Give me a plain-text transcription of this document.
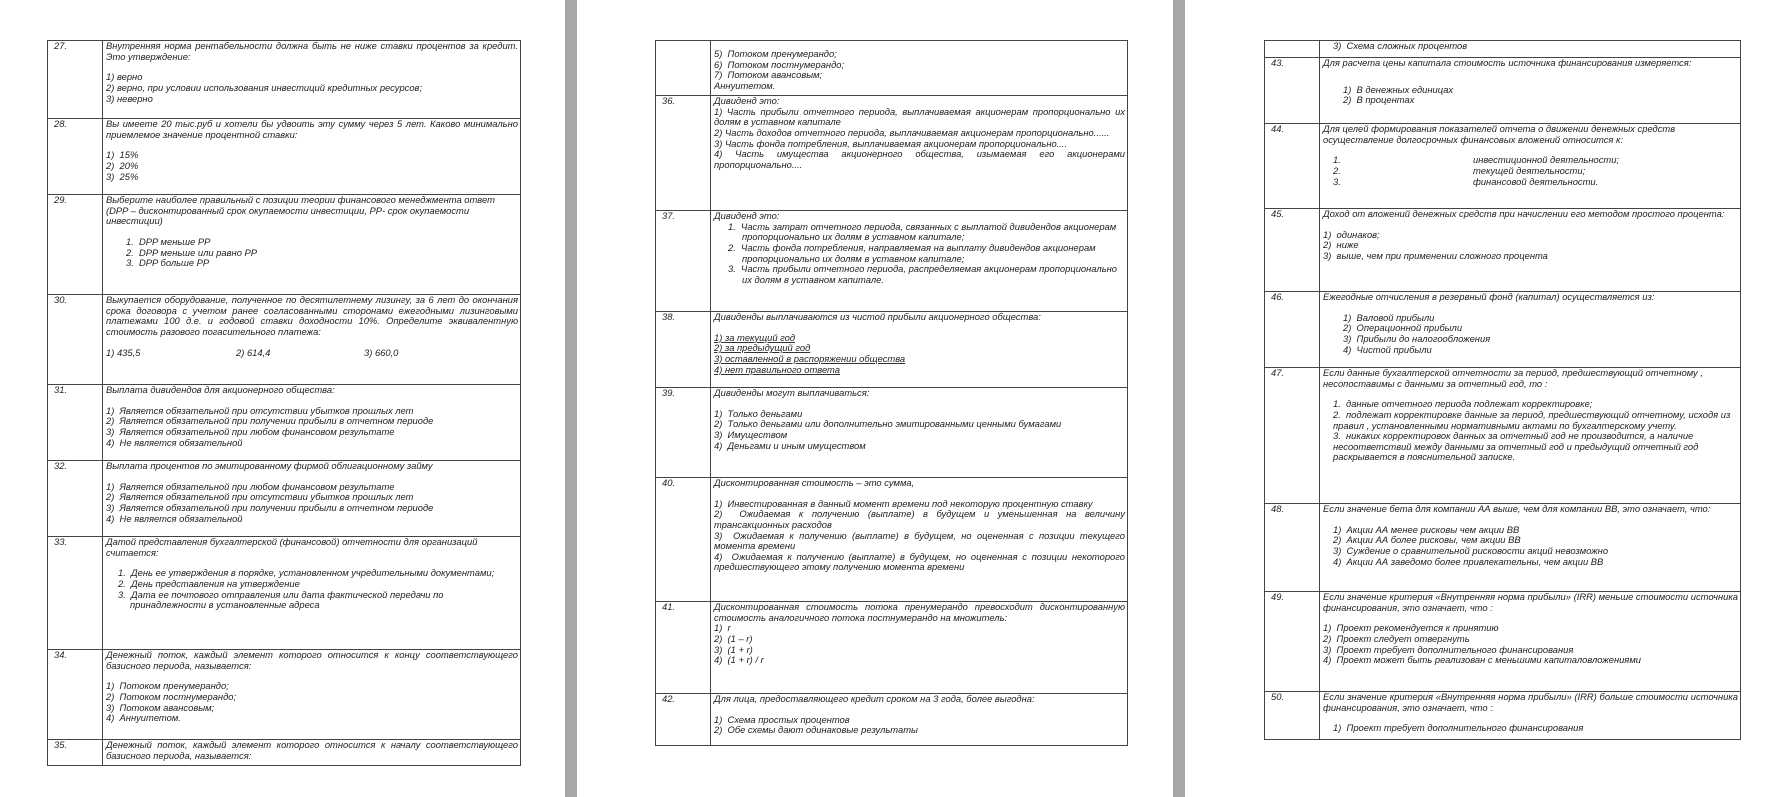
27.	Внутренняя норма рентабельности должна быть не ниже ставки процентов за кредит. Это утверждение:

1) верно

2) верно, при условии использования инвестиций кредитных ресурсов;

3) неверно

28.	Вы имеете 20 тыс.руб и хотели бы удвоить эту сумму через 5 лет. Каково минимально приемлемое значение процентной ставки:

1)  15%

2)  20%

3)  25%

29.	Выберите наиболее правильный с позиции теории финансового менеджмента ответ (DPP – дисконтированный срок окупаемости инвестиции, PP- срок окупаемости инвестиции)

1.  DPP меньше PP

2.  DPP меньше или равно PP

3.  DPP больше PP

30.	Выкупается оборудование, полученное по десятилетнему лизингу, за 6 лет до окончания срока договора с учетом ранее согласованными сторонами ежегодными лизинговыми платежами 100 д.е. и годовой ставки доходности 10%. Определите эквивалентную стоимость разового погасительного платежа:

1) 435,5 2) 614,4 3) 660,0

31.	Выплата дивидендов для акционерного общества:

1)  Является обязательной при отсутствии убытков прошлых лет

2)  Является обязательной при получении прибыли в отчетном периоде

3)  Является обязательной при любом финансовом результате

4)  Не является обязательной

32.	Выплата процентов по эмитированному фирмой облигационному займу

1)  Является обязательной при любом финансовом результате

2)  Является обязательной при отсутствии убытков прошлых лет

3)  Является обязательной при получении прибыли в отчетном периоде

4)  Не является обязательной

33.	Датой представления бухгалтерской (финансовой) отчетности для организаций считается:

1.  День ее утверждения в порядке, установленном учредительными документами;

2.  День представления на утверждение

3.  Дата ее почтового отправления или дата фактической передачи по принадлежности в установленные адреса

34.	Денежный поток, каждый элемент которого относится к концу соответствующего базисного периода, называется:

1)  Потоком пренумерандо;

2)  Потоком постнумерандо;

3)  Потоком авансовым;

4)  Аннуитетом.

35.	Денежный поток, каждый элемент которого относится к началу соответствующего базисного периода, называется:

	5)  Потоком пренумерандо;

6)  Потоком постнумерандо;

7)  Потоком авансовым;

Аннуитетом.

36.	Дивиденд это:

1) Часть прибыли отчетного периода, выплачиваемая акционерам пропорционально их долям в уставном капитале

2) Часть доходов отчетного периода, выплачиваемая акционерам пропорционально......

3) Часть фонда потребления, выплачиваемая акционерам пропорционально....

4) Часть имущества акционерного общества, изымаемая его акционерами пропорционально....

37.	Дивиденд это:

1.  Часть затрат отчетного периода, связанных с выплатой дивидендов акционерам пропорционально их долям в уставном капитале;

2.  Часть фонда потребления, направляемая на выплату дивидендов акционерам пропорционально их долям в уставном капитале;

3.  Часть прибыли отчетного периода, распределяемая акционерам пропорционально их долям в уставном капитале.

38.	Дивиденды выплачиваются из чистой прибыли акционерного общества:

1) за текущий год

2) за предыдущий год

3) оставленной в распоряжении общества

4) нет правильного ответа

39.	Дивиденды могут выплачиваться:

1)  Только деньгами

2)  Только деньгами или дополнительно эмитированными ценными бумагами

3)  Имуществом

4)  Деньгами и иным имуществом

40.	Дисконтированная стоимость – это сумма,

1)  Инвестированная в данный момент времени под некоторую процентную ставку

2)  Ожидаемая к получению (выплате) в будущем и уменьшенная на величину трансакционных расходов

3)  Ожидаемая к получению (выплате) в будущем, но оцененная с позиции текущего момента времени

4)  Ожидаемая к получению (выплате) в будущем, но оцененная с позиции некоторого предшествующего этому получению момента времени

41.	Дисконтированная стоимость потока пренумерандо превосходит дисконтированную стоимость аналогичного потока постнумерандо на множитель:

1)  r

2)  (1 – r)

3)  (1 + r)

4)  (1 + r) / r

42.	Для лица, предоставляющего кредит сроком на 3 года, более выгодна:

1)  Схема простых процентов

2)  Обе схемы дают одинаковые результаты

	3)  Схема сложных процентов

43.	Для расчета цены капитала стоимость источника финансирования измеряется:

1)  В денежных единицах

2)  В процентах

44.	Для целей формирования показателей отчета о движении денежных средств осуществление долгосрочных финансовых вложений относится к:

1. инвестиционной деятельности;

2. текущей деятельности;

3. финансовой деятельности.

45.	Доход от вложений денежных средств при начислении его методом простого процента:

1)  одинаков;

2)  ниже

3)  выше, чем при применении сложного процента

46.	Ежегодные отчисления в резервный фонд (капитал) осуществляется из:

1)  Валовой прибыли

2)  Операционной прибыли

3)  Прибыли до налогообложения

4)  Чистой прибыли

47.	Если данные бухгалтерской отчетности за период, предшествующий отчетному , несопоставимы с данными за отчетный год, то :

1.  данные отчетного периода подлежат корректировке;

2.  подлежат корректировке данные за период, предшествующий отчетному, исходя из правил , установленными нормативными актами по бухгалтерскому учету.

3.  никаких корректировок данных за отчетный год не производится, а наличие несоответствий между данными за отчетный год и предыдущий отчетный год раскрывается в пояснительной записке.

48.	Если значение бета для компании АА выше, чем для компании ВВ, это означает, что:

1)  Акции АА менее рисковы чем акции ВВ

2)  Акции АА более рисковы, чем акции ВВ

3)  Суждение о сравнительной рисковости акций невозможно

4)  Акции АА заведомо более привлекательны, чем акции ВВ

49.	Если значение критерия «Внутренняя норма прибыли» (IRR) меньше стоимости источника финансирования, это означает, что :

1)  Проект рекомендуется к принятию

2)  Проект следует отвергнуть

3)  Проект требует дополнительного финансирования

4)  Проект может быть реализован с меньшими капиталовложениями

50.	Если значение критерия «Внутренняя норма прибыли» (IRR) больше стоимости источника финансирования, это означает, что :

1)  Проект требует дополнительного финансирования
